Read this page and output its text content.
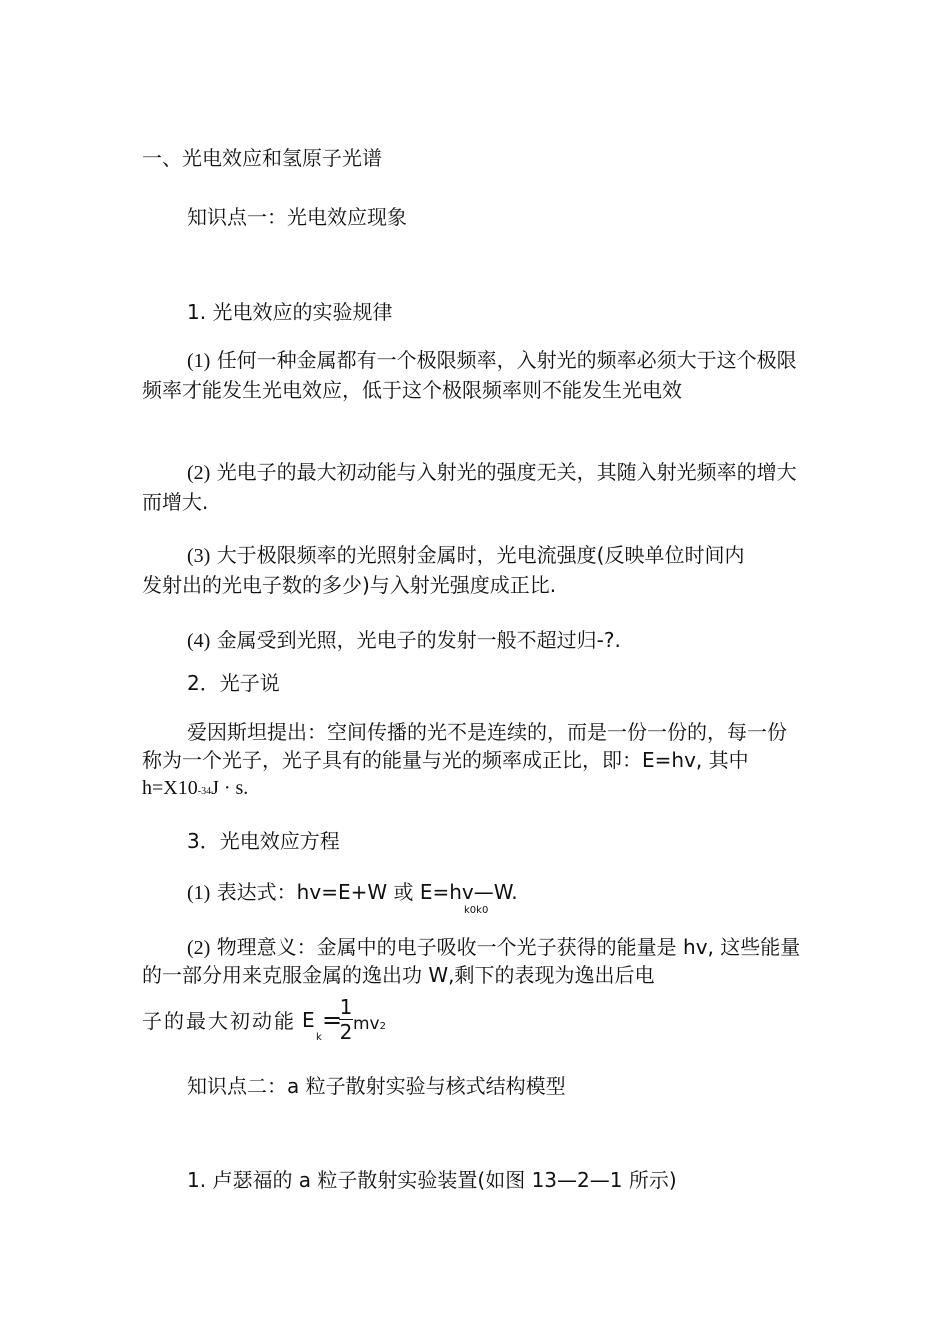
一、光电效应和氢原子光谱
知识点一：光电效应现象
1. 光电效应的实验规律
(1) 任何一种金属都有一个极限频率，入射光的频率必须大于这个极限
频率才能发生光电效应，低于这个极限频率则不能发生光电效
(2) 光电子的最大初动能与入射光的强度无关，其随入射光频率的增大
而增大.
(3) 大于极限频率的光照射金属时，光电流强度(反映单位时间内
发射出的光电子数的多少)与入射光强度成正比.
(4) 金属受到光照，光电子的发射一般不超过归-?.
2．光子说
爱因斯坦提出：空间传播的光不是连续的，而是一份一份的，每一份
称为一个光子，光子具有的能量与光的频率成正比，即：E=hv, 其中
h=X10-34J · s.
3．光电效应方程
(1) 表达式：hv=E+W 或 E=hv—W.
k0k0
(2) 物理意义：金属中的电子吸收一个光子获得的能量是 hv, 这些能量
的一部分用来克服金属的逸出功 W,剩下的表现为逸出后电
子的最大初动能 E
k
=
1
2 mv2
知识点二：a 粒子散射实验与核式结构模型
1. 卢瑟福的 a 粒子散射实验装置(如图 13—2—1 所示)
